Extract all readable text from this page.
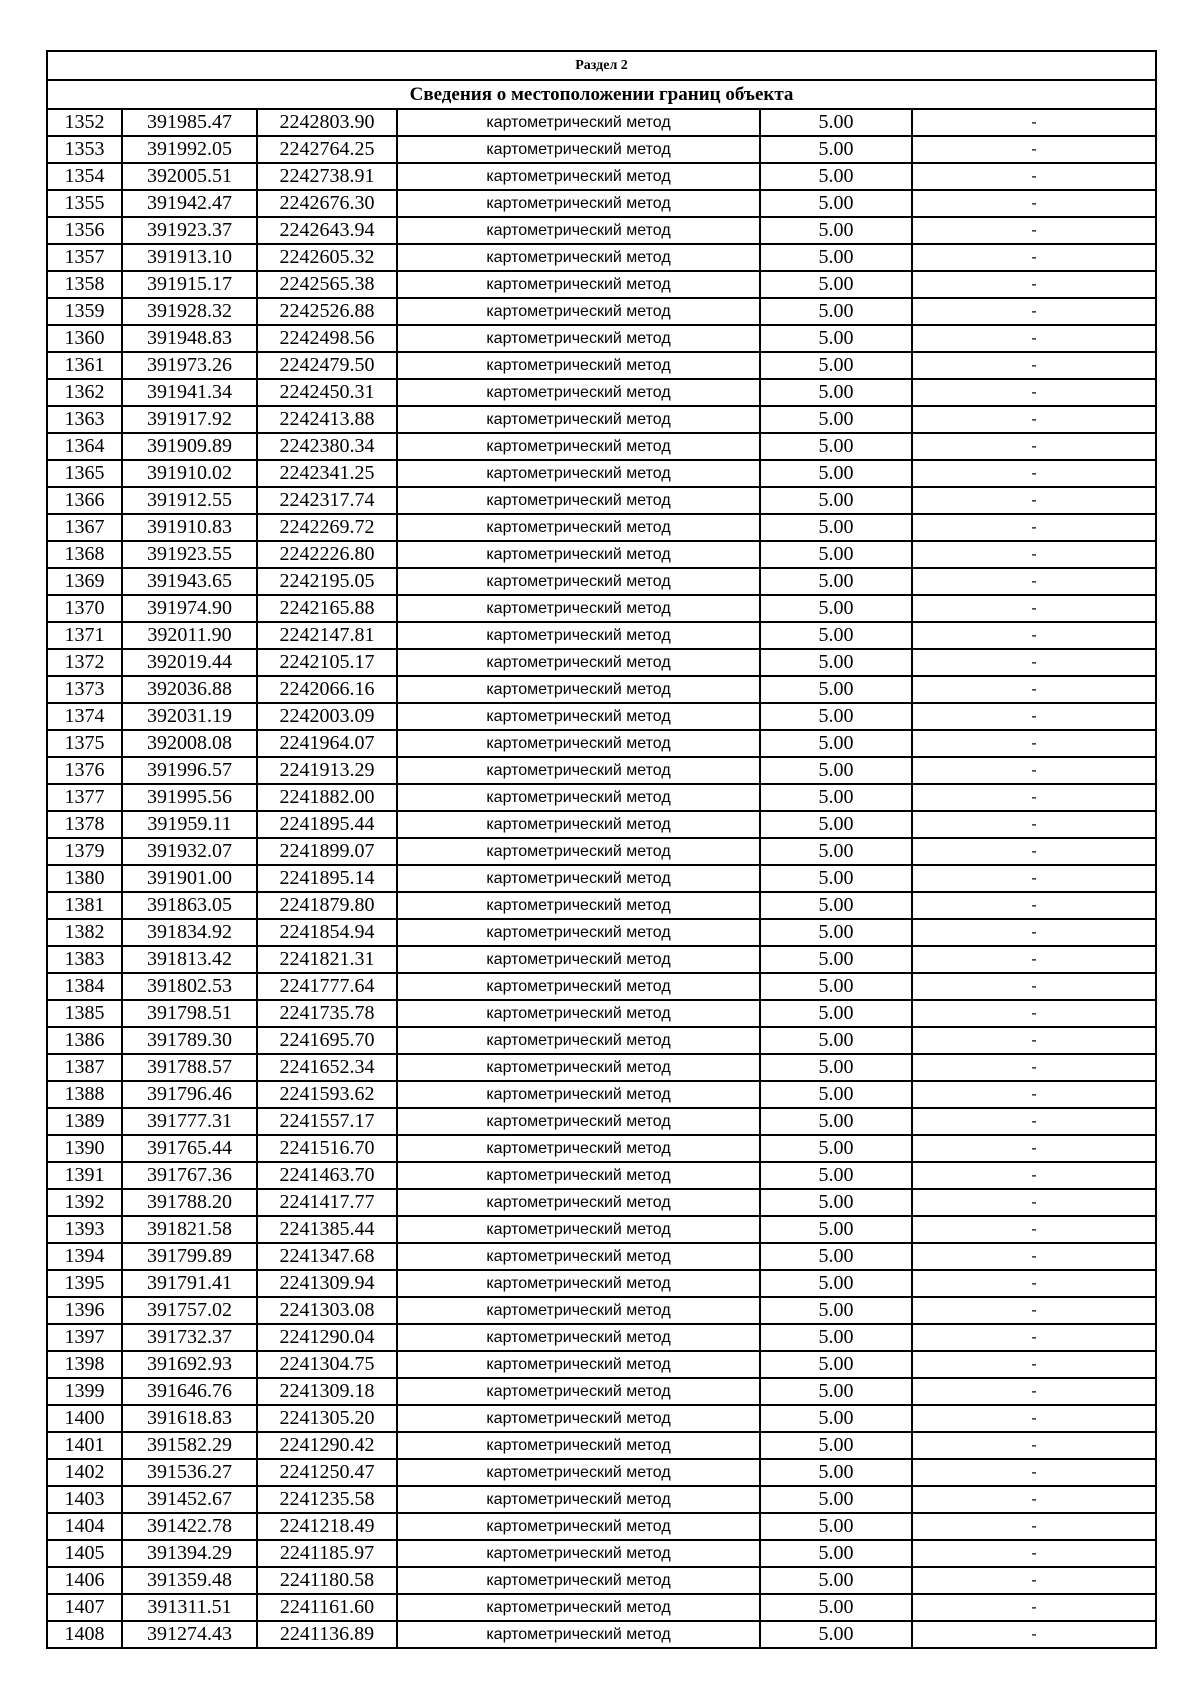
Раздел 2					
Сведения о местоположении границ объекта					
1352	391985.47	2242803.90	картометрический метод	5.00	-
1353	391992.05	2242764.25	картометрический метод	5.00	-
1354	392005.51	2242738.91	картометрический метод	5.00	-
1355	391942.47	2242676.30	картометрический метод	5.00	-
1356	391923.37	2242643.94	картометрический метод	5.00	-
1357	391913.10	2242605.32	картометрический метод	5.00	-
1358	391915.17	2242565.38	картометрический метод	5.00	-
1359	391928.32	2242526.88	картометрический метод	5.00	-
1360	391948.83	2242498.56	картометрический метод	5.00	-
1361	391973.26	2242479.50	картометрический метод	5.00	-
1362	391941.34	2242450.31	картометрический метод	5.00	-
1363	391917.92	2242413.88	картометрический метод	5.00	-
1364	391909.89	2242380.34	картометрический метод	5.00	-
1365	391910.02	2242341.25	картометрический метод	5.00	-
1366	391912.55	2242317.74	картометрический метод	5.00	-
1367	391910.83	2242269.72	картометрический метод	5.00	-
1368	391923.55	2242226.80	картометрический метод	5.00	-
1369	391943.65	2242195.05	картометрический метод	5.00	-
1370	391974.90	2242165.88	картометрический метод	5.00	-
1371	392011.90	2242147.81	картометрический метод	5.00	-
1372	392019.44	2242105.17	картометрический метод	5.00	-
1373	392036.88	2242066.16	картометрический метод	5.00	-
1374	392031.19	2242003.09	картометрический метод	5.00	-
1375	392008.08	2241964.07	картометрический метод	5.00	-
1376	391996.57	2241913.29	картометрический метод	5.00	-
1377	391995.56	2241882.00	картометрический метод	5.00	-
1378	391959.11	2241895.44	картометрический метод	5.00	-
1379	391932.07	2241899.07	картометрический метод	5.00	-
1380	391901.00	2241895.14	картометрический метод	5.00	-
1381	391863.05	2241879.80	картометрический метод	5.00	-
1382	391834.92	2241854.94	картометрический метод	5.00	-
1383	391813.42	2241821.31	картометрический метод	5.00	-
1384	391802.53	2241777.64	картометрический метод	5.00	-
1385	391798.51	2241735.78	картометрический метод	5.00	-
1386	391789.30	2241695.70	картометрический метод	5.00	-
1387	391788.57	2241652.34	картометрический метод	5.00	-
1388	391796.46	2241593.62	картометрический метод	5.00	-
1389	391777.31	2241557.17	картометрический метод	5.00	-
1390	391765.44	2241516.70	картометрический метод	5.00	-
1391	391767.36	2241463.70	картометрический метод	5.00	-
1392	391788.20	2241417.77	картометрический метод	5.00	-
1393	391821.58	2241385.44	картометрический метод	5.00	-
1394	391799.89	2241347.68	картометрический метод	5.00	-
1395	391791.41	2241309.94	картометрический метод	5.00	-
1396	391757.02	2241303.08	картометрический метод	5.00	-
1397	391732.37	2241290.04	картометрический метод	5.00	-
1398	391692.93	2241304.75	картометрический метод	5.00	-
1399	391646.76	2241309.18	картометрический метод	5.00	-
1400	391618.83	2241305.20	картометрический метод	5.00	-
1401	391582.29	2241290.42	картометрический метод	5.00	-
1402	391536.27	2241250.47	картометрический метод	5.00	-
1403	391452.67	2241235.58	картометрический метод	5.00	-
1404	391422.78	2241218.49	картометрический метод	5.00	-
1405	391394.29	2241185.97	картометрический метод	5.00	-
1406	391359.48	2241180.58	картометрический метод	5.00	-
1407	391311.51	2241161.60	картометрический метод	5.00	-
1408	391274.43	2241136.89	картометрический метод	5.00	-
